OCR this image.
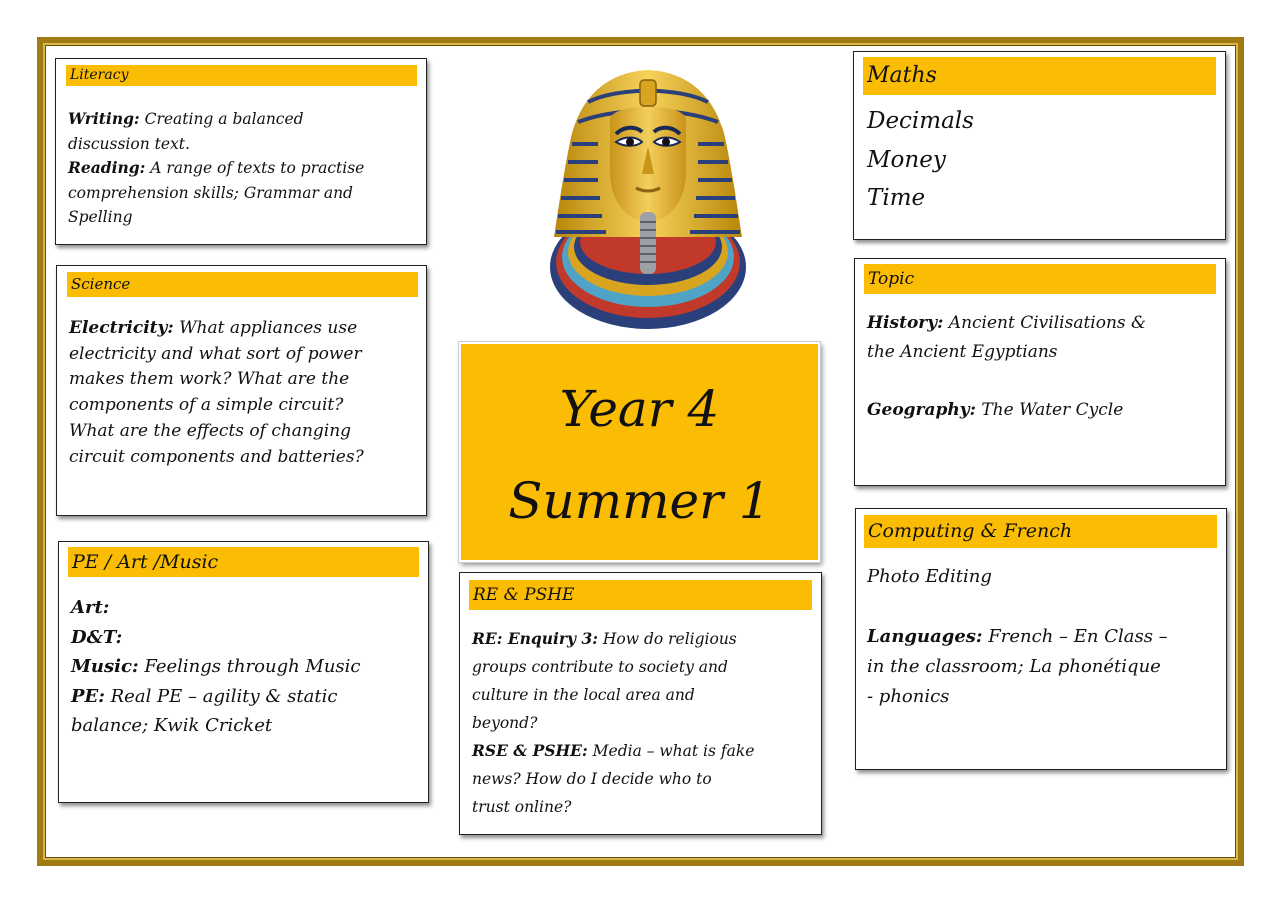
Literacy
Writing: Creating a balanced
discussion text.
Reading: A range of texts to practise
comprehension skills; Grammar and
Spelling
Science
Electricity: What appliances use
electricity and what sort of power
makes them work? What are the
components of a simple circuit?
What are the effects of changing
circuit components and batteries?
PE / Art /Music
Art:
D&T:
Music: Feelings through Music
PE: Real PE – agility & static
balance; Kwik Cricket
Year 4
Summer 1
RE & PSHE
RE: Enquiry 3: How do religious
groups contribute to society and
culture in the local area and
beyond?
RSE & PSHE: Media – what is fake
news? How do I decide who to
trust online?
Maths
Decimals
Money
Time
Topic
History: Ancient Civilisations &
the Ancient Egyptians

Geography: The Water Cycle
Computing & French
Photo Editing

Languages: French – En Class –
in the classroom; La phonétique
- phonics
